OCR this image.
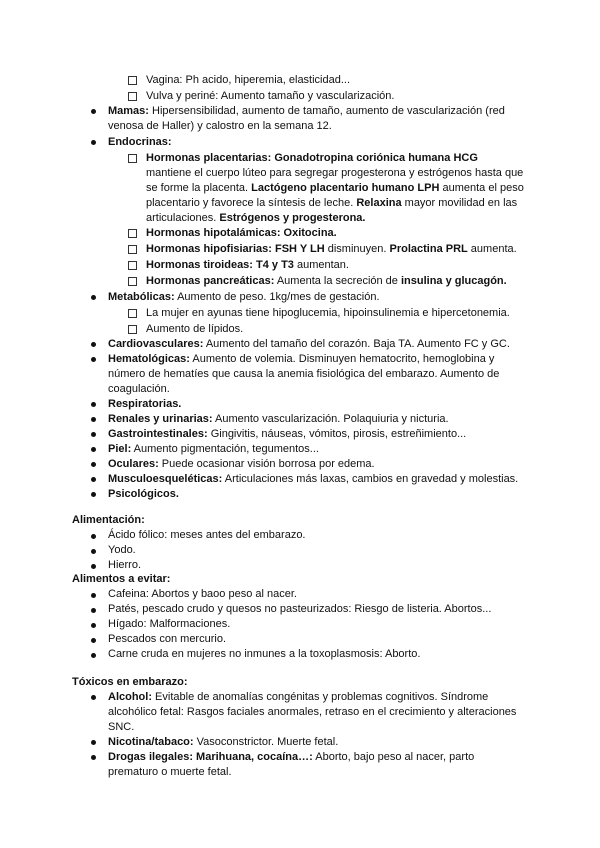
Vagina: Ph acido, hiperemia, elasticidad...
Vulva y periné: Aumento tamaño y vascularización.
Mamas: Hipersensibilidad, aumento de tamaño, aumento de vascularización (red
venosa de Haller) y calostro en la semana 12.
Endocrinas:
Hormonas placentarias: Gonadotropina coriónica humana HCG
mantiene el cuerpo lúteo para segregar progesterona y estrógenos hasta que
se forme la placenta. Lactógeno placentario humano LPH aumenta el peso
placentario y favorece la síntesis de leche. Relaxina mayor movilidad en las
articulaciones. Estrógenos y progesterona.
Hormonas hipotalámicas: Oxitocina.
Hormonas hipofisiarias: FSH Y LH disminuyen. Prolactina PRL aumenta.
Hormonas tiroideas: T4 y T3 aumentan.
Hormonas pancreáticas: Aumenta la secreción de insulina y glucagón.
Metabólicas: Aumento de peso. 1kg/mes de gestación.
La mujer en ayunas tiene hipoglucemia, hipoinsulinemia e hipercetonemia.
Aumento de lípidos.
Cardiovasculares: Aumento del tamaño del corazón. Baja TA. Aumento FC y GC.
Hematológicas: Aumento de volemia. Disminuyen hematocrito, hemoglobina y
número de hematíes que causa la anemia fisiológica del embarazo. Aumento de
coagulación.
Respiratorias.
Renales y urinarias: Aumento vascularización. Polaquiuria y nicturia.
Gastrointestinales: Gingivitis, náuseas, vómitos, pirosis, estreñimiento...
Piel: Aumento pigmentación, tegumentos...
Oculares: Puede ocasionar visión borrosa por edema.
Musculoesqueléticas: Articulaciones más laxas, cambios en gravedad y molestias.
Psicológicos.
Alimentación:
Ácido fólico: meses antes del embarazo.
Yodo.
Hierro.
Alimentos a evitar:
Cafeina: Abortos y baoo peso al nacer.
Patés, pescado crudo y quesos no pasteurizados: Riesgo de listeria. Abortos...
Hígado: Malformaciones.
Pescados con mercurio.
Carne cruda en mujeres no inmunes a la toxoplasmosis: Aborto.
Tóxicos en embarazo:
Alcohol: Evitable de anomalías congénitas y problemas cognitivos. Síndrome
alcohólico fetal: Rasgos faciales anormales, retraso en el crecimiento y alteraciones
SNC.
Nicotina/tabaco: Vasoconstrictor. Muerte fetal.
Drogas ilegales: Marihuana, cocaína…: Aborto, bajo peso al nacer, parto
prematuro o muerte fetal.
